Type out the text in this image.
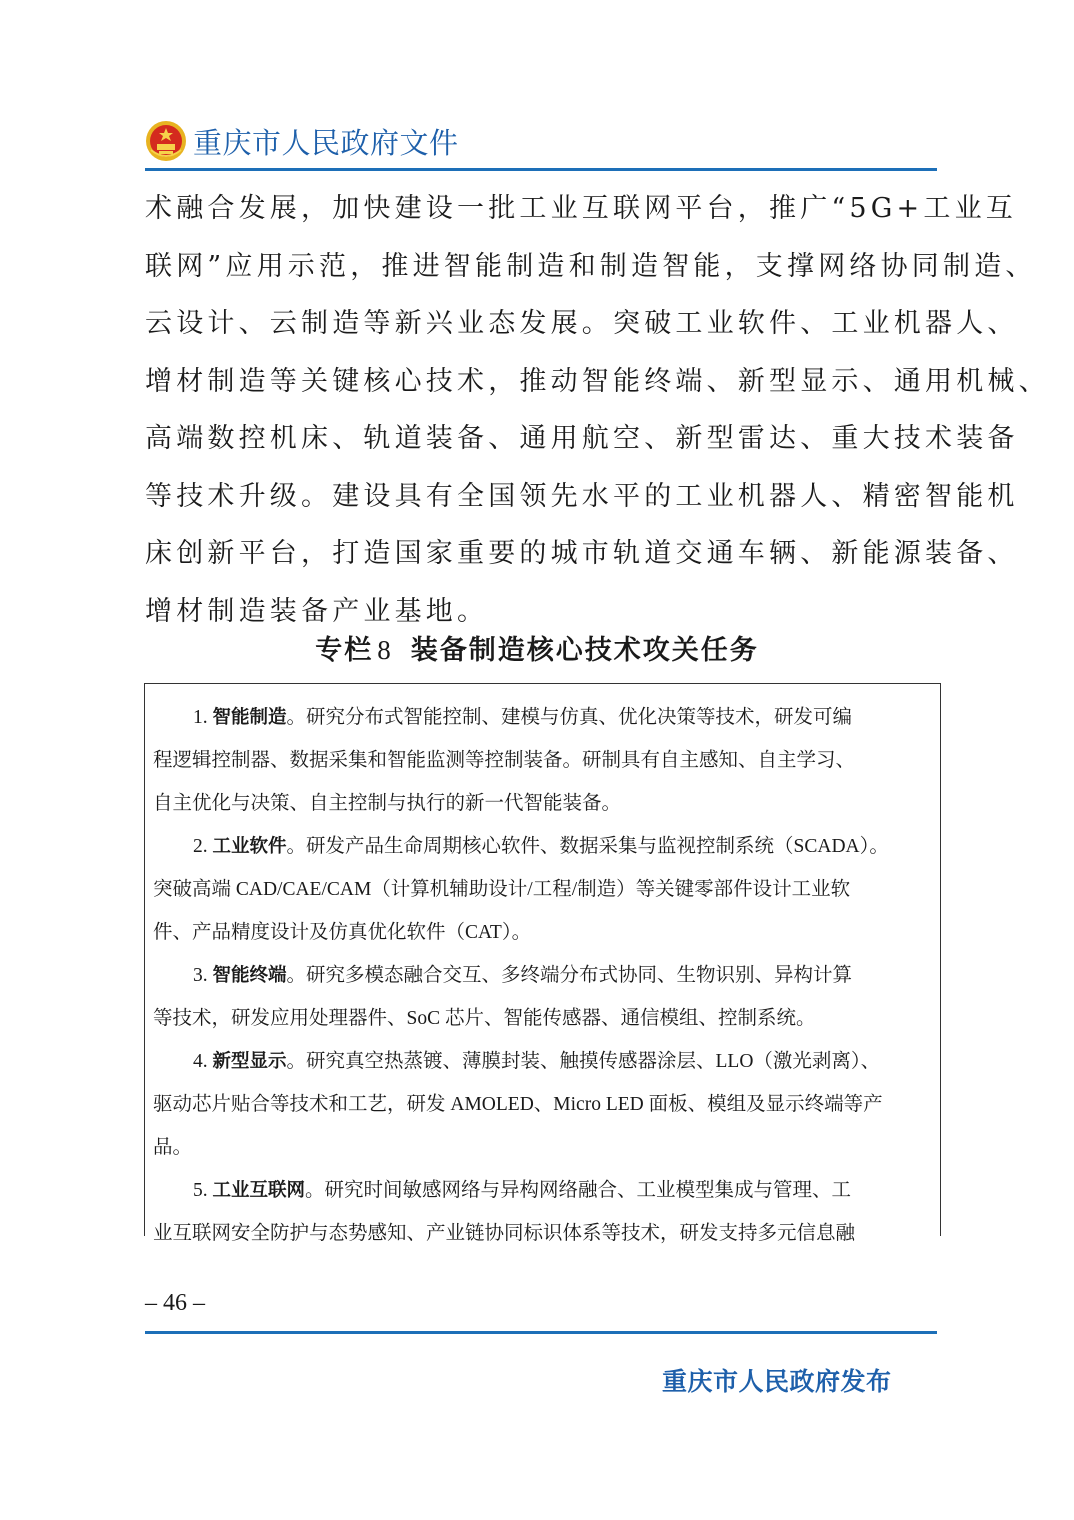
重庆市人民政府文件
术融合发展，加快建设一批工业互联网平台，推广“5G+工业互
联网”应用示范，推进智能制造和制造智能，支撑网络协同制造、
云设计、云制造等新兴业态发展。突破工业软件、工业机器人、
增材制造等关键核心技术，推动智能终端、新型显示、通用机械、
高端数控机床、轨道装备、通用航空、新型雷达、重大技术装备
等技术升级。建设具有全国领先水平的工业机器人、精密智能机
床创新平台，打造国家重要的城市轨道交通车辆、新能源装备、
增材制造装备产业基地。
专栏 8 装备制造核心技术攻关任务
1. 智能制造。研究分布式智能控制、建模与仿真、优化决策等技术，研发可编
程逻辑控制器、数据采集和智能监测等控制装备。研制具有自主感知、自主学习、
自主优化与决策、自主控制与执行的新一代智能装备。
2. 工业软件。研发产品生命周期核心软件、数据采集与监视控制系统（SCADA）。
突破高端 CAD/CAE/CAM（计算机辅助设计/工程/制造）等关键零部件设计工业软
件、产品精度设计及仿真优化软件（CAT）。
3. 智能终端。研究多模态融合交互、多终端分布式协同、生物识别、异构计算
等技术，研发应用处理器件、SoC 芯片、智能传感器、通信模组、控制系统。
4. 新型显示。研究真空热蒸镀、薄膜封装、触摸传感器涂层、LLO（激光剥离）、
驱动芯片贴合等技术和工艺，研发 AMOLED、Micro LED 面板、模组及显示终端等产
品。
5. 工业互联网。研究时间敏感网络与异构网络融合、工业模型集成与管理、工
业互联网安全防护与态势感知、产业链协同标识体系等技术，研发支持多元信息融
– 46 –
重庆市人民政府发布
